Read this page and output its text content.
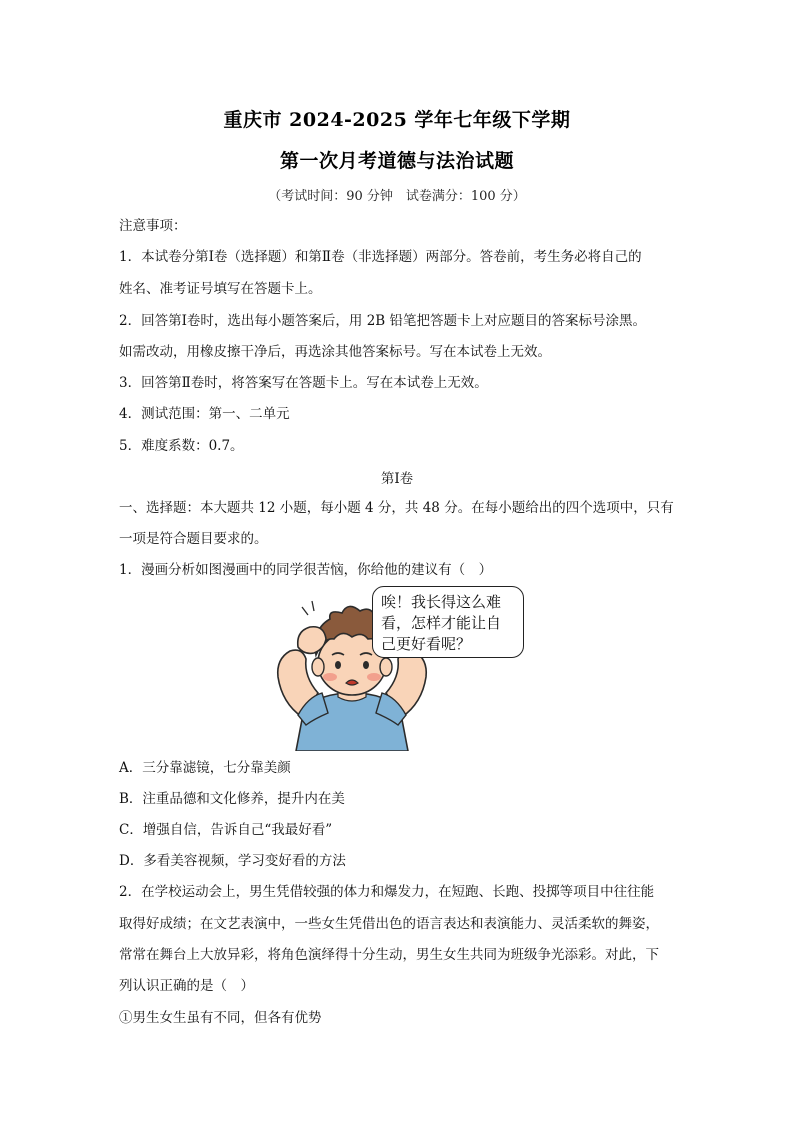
重庆市 2024-2025 学年七年级下学期
第一次月考道德与法治试题
（考试时间：90 分钟　试卷满分：100 分）
注意事项：
1．本试卷分第Ⅰ卷（选择题）和第Ⅱ卷（非选择题）两部分。答卷前，考生务必将自己的
姓名、准考证号填写在答题卡上。
2．回答第Ⅰ卷时，选出每小题答案后，用 2B 铅笔把答题卡上对应题目的答案标号涂黑。
如需改动，用橡皮擦干净后，再选涂其他答案标号。写在本试卷上无效。
3．回答第Ⅱ卷时，将答案写在答题卡上。写在本试卷上无效。
4．测试范围：第一、二单元
5．难度系数：0.7。
第Ⅰ卷
一、选择题：本大题共 12 小题，每小题 4 分，共 48 分。在每小题给出的四个选项中，只有
一项是符合题目要求的。
1．漫画分析如图漫画中的同学很苦恼，你给他的建议有（　）
唉！我长得这么难
看，怎样才能让自
己更好看呢？
A．三分靠滤镜，七分靠美颜
B．注重品德和文化修养，提升内在美
C．增强自信，告诉自己“我最好看”
D．多看美容视频，学习变好看的方法
2．在学校运动会上，男生凭借较强的体力和爆发力，在短跑、长跑、投掷等项目中往往能
取得好成绩；在文艺表演中，一些女生凭借出色的语言表达和表演能力、灵活柔软的舞姿，
常常在舞台上大放异彩，将角色演绎得十分生动，男生女生共同为班级争光添彩。对此，下
列认识正确的是（　）
①男生女生虽有不同，但各有优势
